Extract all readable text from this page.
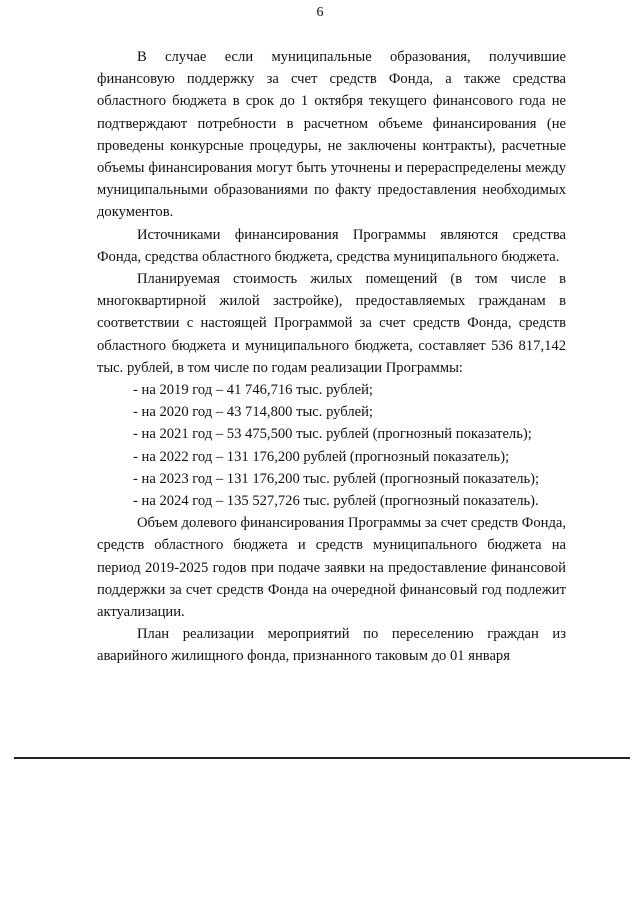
6

В случае если муниципальные образования, получившие финансовую поддержку за счет средств Фонда, а также средства областного бюджета в срок до 1 октября текущего финансового года не подтверждают потребности в расчетном объеме финансирования (не проведены конкурсные процедуры, не заключены контракты), расчетные объемы финансирования могут быть уточнены и перераспределены между муниципальными образованиями по факту предоставления необходимых документов.

Источниками финансирования Программы являются средства Фонда, средства областного бюджета, средства муниципального бюджета.

Планируемая стоимость жилых помещений (в том числе в многоквартирной жилой застройке), предоставляемых гражданам в соответствии с настоящей Программой за счет средств Фонда, средств областного бюджета и муниципального бюджета, составляет 536 817,142 тыс. рублей, в том числе по годам реализации Программы:

- на 2019 год – 41 746,716 тыс. рублей;
- на 2020 год – 43 714,800 тыс. рублей;
- на 2021 год – 53 475,500 тыс. рублей (прогнозный показатель);
- на 2022 год – 131 176,200 рублей (прогнозный показатель);
- на 2023 год – 131 176,200 тыс. рублей (прогнозный показатель);
- на 2024 год – 135 527,726 тыс. рублей (прогнозный показатель).

Объем долевого финансирования Программы за счет средств Фонда, средств областного бюджета и средств муниципального бюджета на период 2019-2025 годов при подаче заявки на предоставление финансовой поддержки за счет средств Фонда на очередной финансовый год подлежит актуализации.

План реализации мероприятий по переселению граждан из аварийного жилищного фонда, признанного таковым до 01 января
